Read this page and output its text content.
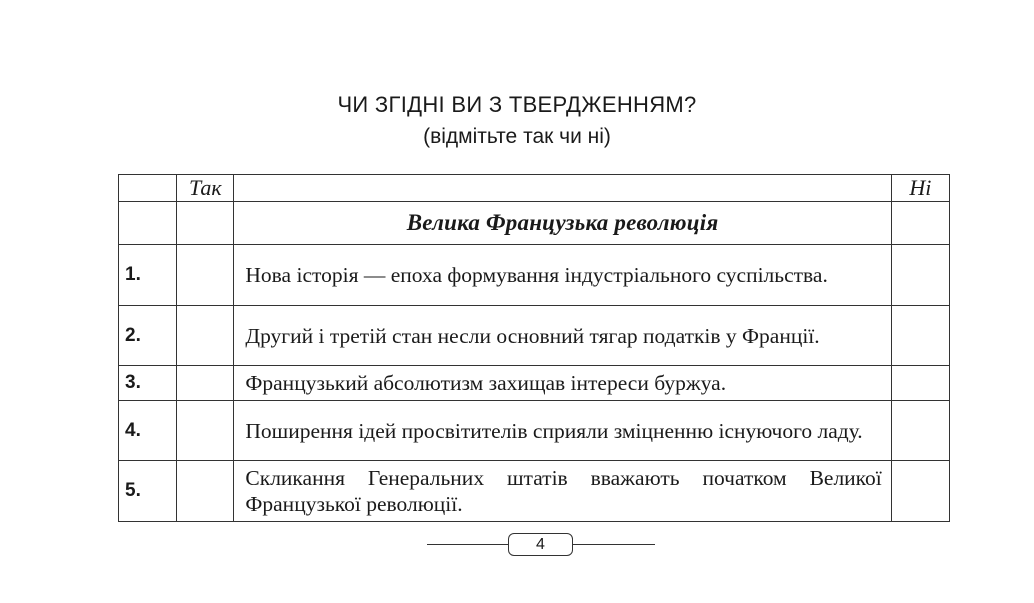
ЧИ ЗГІДНІ ВИ З ТВЕРДЖЕННЯМ?
(відмітьте так чи ні)
	Так		Ні
		Велика Французька революція	
1.		Нова історія — епоха формування індустріального суспільства.	
2.		Другий і третій стан несли основний тягар податків у Франції.	
3.		Французький абсолютизм захищав інтереси буржуа.	
4.		Поширення ідей просвітителів сприяли зміцненню існуючого ладу.	
5.		Скликання Генеральних штатів вважають початком Великої Французької революції.	
4
